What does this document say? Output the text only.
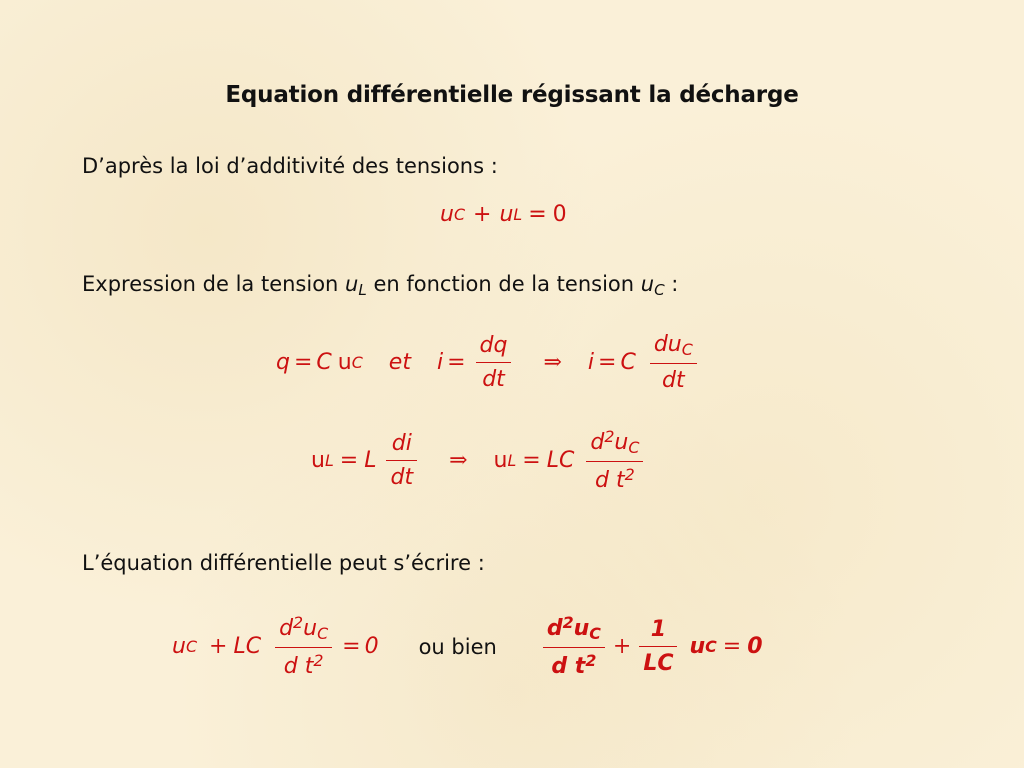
Equation différentielle régissant la décharge
D’après la loi d’additivité des tensions :
u C + u L = 0
Expression de la tension $u_L$ en fonction de la tension $u_C$ :
q = C u C et $i = \frac{dq}{dt}$ ⇒ i = C $\frac{du_C}{dt}$
u L = L $\frac{di}{dt}$ ⇒ u L = LC $\frac{d^2u_C}{d t^2}$
L’équation différentielle peut s’écrire :
u C + LC $\frac{d^2u_C}{d t^2} = 0$ ou bien $\frac{d^2u_C}{d t^2} + \frac{1}{LC}$ u C = 0
